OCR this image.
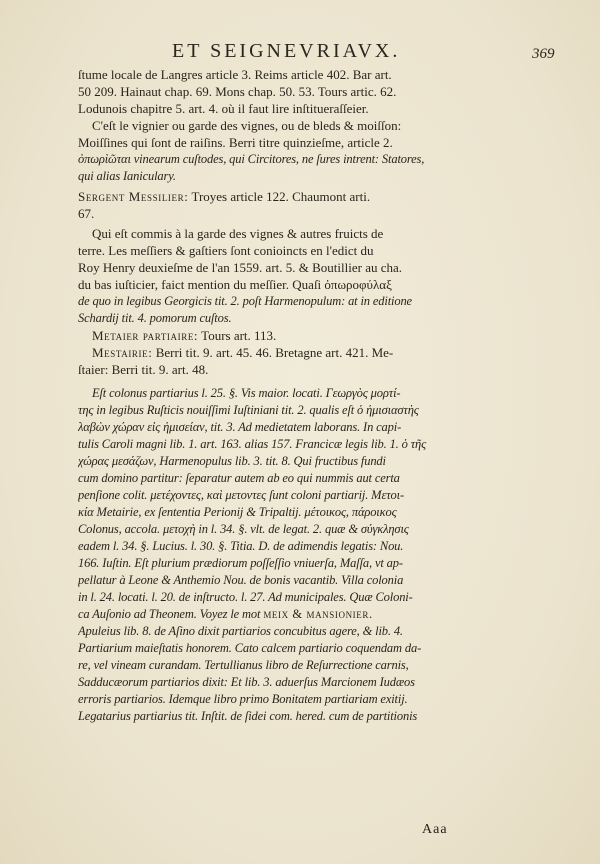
ET SEIGNEVRIAVX.	369
ſtume locale de Langres article 3. Reims article 402. Bar art.
50 209. Hainaut chap. 69. Mons chap. 50. 53. Tours artic. 62.
Lodunois chapitre 5. art. 4. où il faut lire inſtitueraſſeier.
C'eſt le vignier ou garde des vignes, ou de bleds & moiſſon:
Moiſſines qui ſont de raiſins. Berri titre quinzieſme, article 2.
ὀπωρὶῶται vinearum cuſtodes, qui Circitores, ne ſures intrent: Statores,
qui alias Ianiculary.
Sergent Messilier: Troyes article 122. Chaumont arti.
67.
Qui eſt commis à la garde des vignes & autres fruicts de
terre. Les meſſiers & gaſtiers ſont conioincts en l'edict du
Roy Henry deuxieſme de l'an 1559. art. 5. & Boutillier au cha.
du bas iuſticier, faict mention du meſſier. Quaſi ὀπωροφύλαξ
de quo in legibus Georgicis tit. 2. poſt Harmenopulum: at in editione
Schardij tit. 4. pomorum cuſtos.
Metaier partiaire: Tours art. 113.
Mestairie: Berri tit. 9. art. 45. 46. Bretagne art. 421. Me-
ſtaier: Berri tit. 9. art. 48.
Eſt colonus partiarius l. 25. §. Vis maior. locati. Γεωργὸς μορτί-
της in legibus Ruſticis nouiſſimi Iuſtiniani tit. 2. qualis eſt ὁ ἡμισιαστὴς
λαβὼν χώραν εἰς ἡμισείαν, tit. 3. Ad medietatem laborans. In capi-
tulis Caroli magni lib. 1. art. 163. alias 157. Francicæ legis lib. 1. ὁ τῆς
χώρας μεσάζων, Harmenopulus lib. 3. tit. 8. Qui fructibus fundi
cum domino partitur: ſeparatur autem ab eo qui nummis aut certa
penſione colit. μετέχοντες, καὶ μετοντες ſunt coloni partiarij. Μετοι-
κία Metairie, ex ſententia Perionij & Tripaltij. μέτοικος, πάροικος
Colonus, accola. μετοχὴ in l. 34. §. vlt. de legat. 2. quæ & σύγκλησις
eadem l. 34. §. Lucius. l. 30. §. Titia. D. de adimendis legatis: Nou.
166. Iuſtin. Eſt plurium prædiorum poſſeſſio vniuerſa, Maſſa, vt ap-
pellatur à Leone & Anthemio Nou. de bonis vacantib. Villa colonia
in l. 24. locati. l. 20. de inſtructo. l. 27. Ad municipales. Quæ Coloni-
ca Auſonio ad Theonem. Voyez le mot meix & mansionier.
Apuleius lib. 8. de Aſino dixit partiarios concubitus agere, & lib. 4.
Partiarium maieſtatis honorem. Cato calcem partiario coquendam da-
re, vel vineam curandam. Tertullianus libro de Reſurrectione carnis,
Sadducæorum partiarios dixit: Et lib. 3. aduerſus Marcionem Iudæos
erroris partiarios. Idemque libro primo Bonitatem partiariam exitij.
Legatarius partiarius tit. Inſtit. de ſidei com. hered. cum de partitionis
Aaa
